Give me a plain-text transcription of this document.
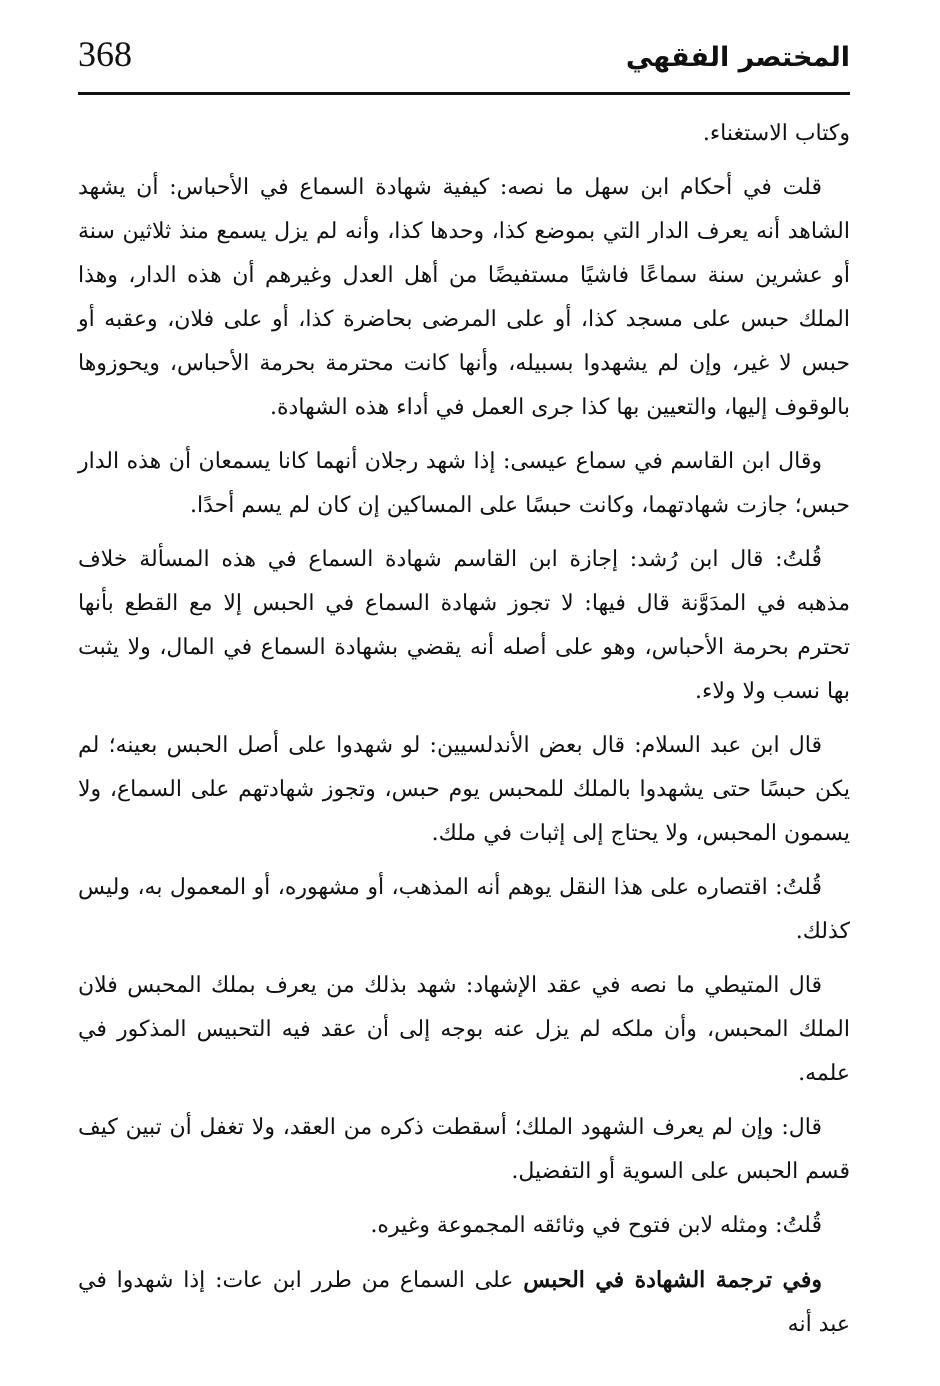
368	المختصر الفقهي

وكتاب الاستغناء.

قلت في أحكام ابن سهل ما نصه: كيفية شهادة السماع في الأحباس: أن يشهد الشاهد أنه يعرف الدار التي بموضع كذا، وحدها كذا، وأنه لم يزل يسمع منذ ثلاثين سنة أو عشرين سنة سماعًا فاشيًا مستفيضًا من أهل العدل وغيرهم أن هذه الدار، وهذا الملك حبس على مسجد كذا، أو على المرضى بحاضرة كذا، أو على فلان، وعقبه أو حبس لا غير، وإن لم يشهدوا بسبيله، وأنها كانت محترمة بحرمة الأحباس، ويحوزوها بالوقوف إليها، والتعيين بها كذا جرى العمل في أداء هذه الشهادة.

وقال ابن القاسم في سماع عيسى: إذا شهد رجلان أنهما كانا يسمعان أن هذه الدار حبس؛ جازت شهادتهما، وكانت حبسًا على المساكين إن كان لم يسم أحدًا.

قُلتُ: قال ابن رُشد: إجازة ابن القاسم شهادة السماع في هذه المسألة خلاف مذهبه في المدَوَّنة قال فيها: لا تجوز شهادة السماع في الحبس إلا مع القطع بأنها تحترم بحرمة الأحباس، وهو على أصله أنه يقضي بشهادة السماع في المال، ولا يثبت بها نسب ولا ولاء.

قال ابن عبد السلام: قال بعض الأندلسيين: لو شهدوا على أصل الحبس بعينه؛ لم يكن حبسًا حتى يشهدوا بالملك للمحبس يوم حبس، وتجوز شهادتهم على السماع، ولا يسمون المحبس، ولا يحتاج إلى إثبات في ملك.

قُلتُ: اقتصاره على هذا النقل يوهم أنه المذهب، أو مشهوره، أو المعمول به، وليس كذلك.

قال المتيطي ما نصه في عقد الإشهاد: شهد بذلك من يعرف بملك المحبس فلان الملك المحبس، وأن ملكه لم يزل عنه بوجه إلى أن عقد فيه التحبيس المذكور في علمه.

قال: وإن لم يعرف الشهود الملك؛ أسقطت ذكره من العقد، ولا تغفل أن تبين كيف قسم الحبس على السوية أو التفضيل.

قُلتُ: ومثله لابن فتوح في وثائقه المجموعة وغيره.

وفي ترجمة الشهادة في الحبس على السماع من طرر ابن عات: إذا شهدوا في عبد أنه
